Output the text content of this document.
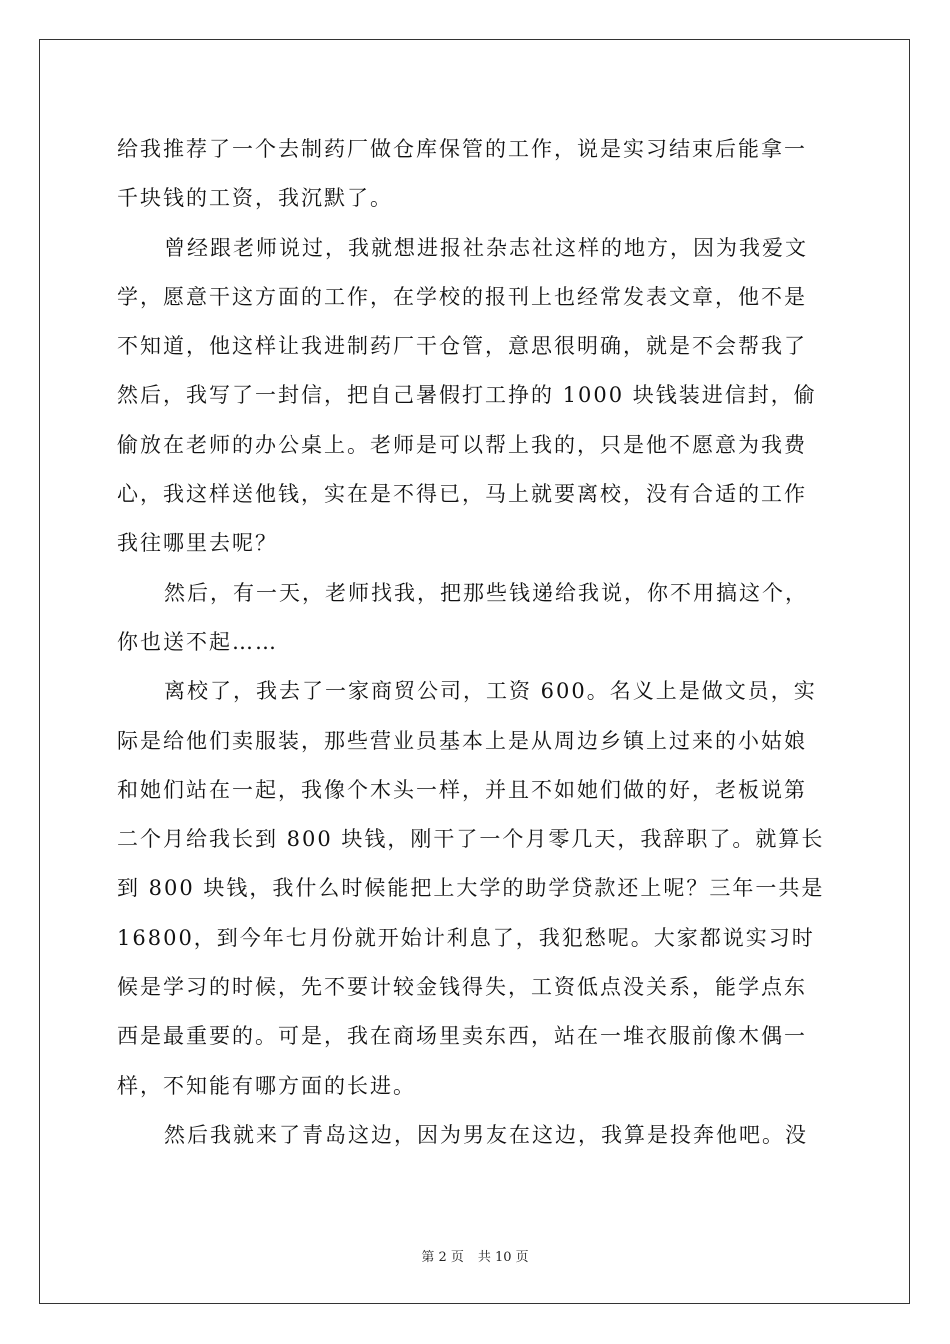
给我推荐了一个去制药厂做仓库保管的工作，说是实习结束后能拿一
千块钱的工资，我沉默了。
曾经跟老师说过，我就想进报社杂志社这样的地方，因为我爱文
学，愿意干这方面的工作，在学校的报刊上也经常发表文章，他不是
不知道，他这样让我进制药厂干仓管，意思很明确，就是不会帮我了
然后，我写了一封信，把自己暑假打工挣的 1000 块钱装进信封，偷
偷放在老师的办公桌上。老师是可以帮上我的，只是他不愿意为我费
心，我这样送他钱，实在是不得已，马上就要离校，没有合适的工作
我往哪里去呢？
然后，有一天，老师找我，把那些钱递给我说，你不用搞这个，
你也送不起……
离校了，我去了一家商贸公司，工资 600。名义上是做文员，实
际是给他们卖服装，那些营业员基本上是从周边乡镇上过来的小姑娘
和她们站在一起，我像个木头一样，并且不如她们做的好，老板说第
二个月给我长到 800 块钱，刚干了一个月零几天，我辞职了。就算长
到 800 块钱，我什么时候能把上大学的助学贷款还上呢？三年一共是
16800，到今年七月份就开始计利息了，我犯愁呢。大家都说实习时
候是学习的时候，先不要计较金钱得失，工资低点没关系，能学点东
西是最重要的。可是，我在商场里卖东西，站在一堆衣服前像木偶一
样，不知能有哪方面的长进。
然后我就来了青岛这边，因为男友在这边，我算是投奔他吧。没
第 2 页 共 10 页
